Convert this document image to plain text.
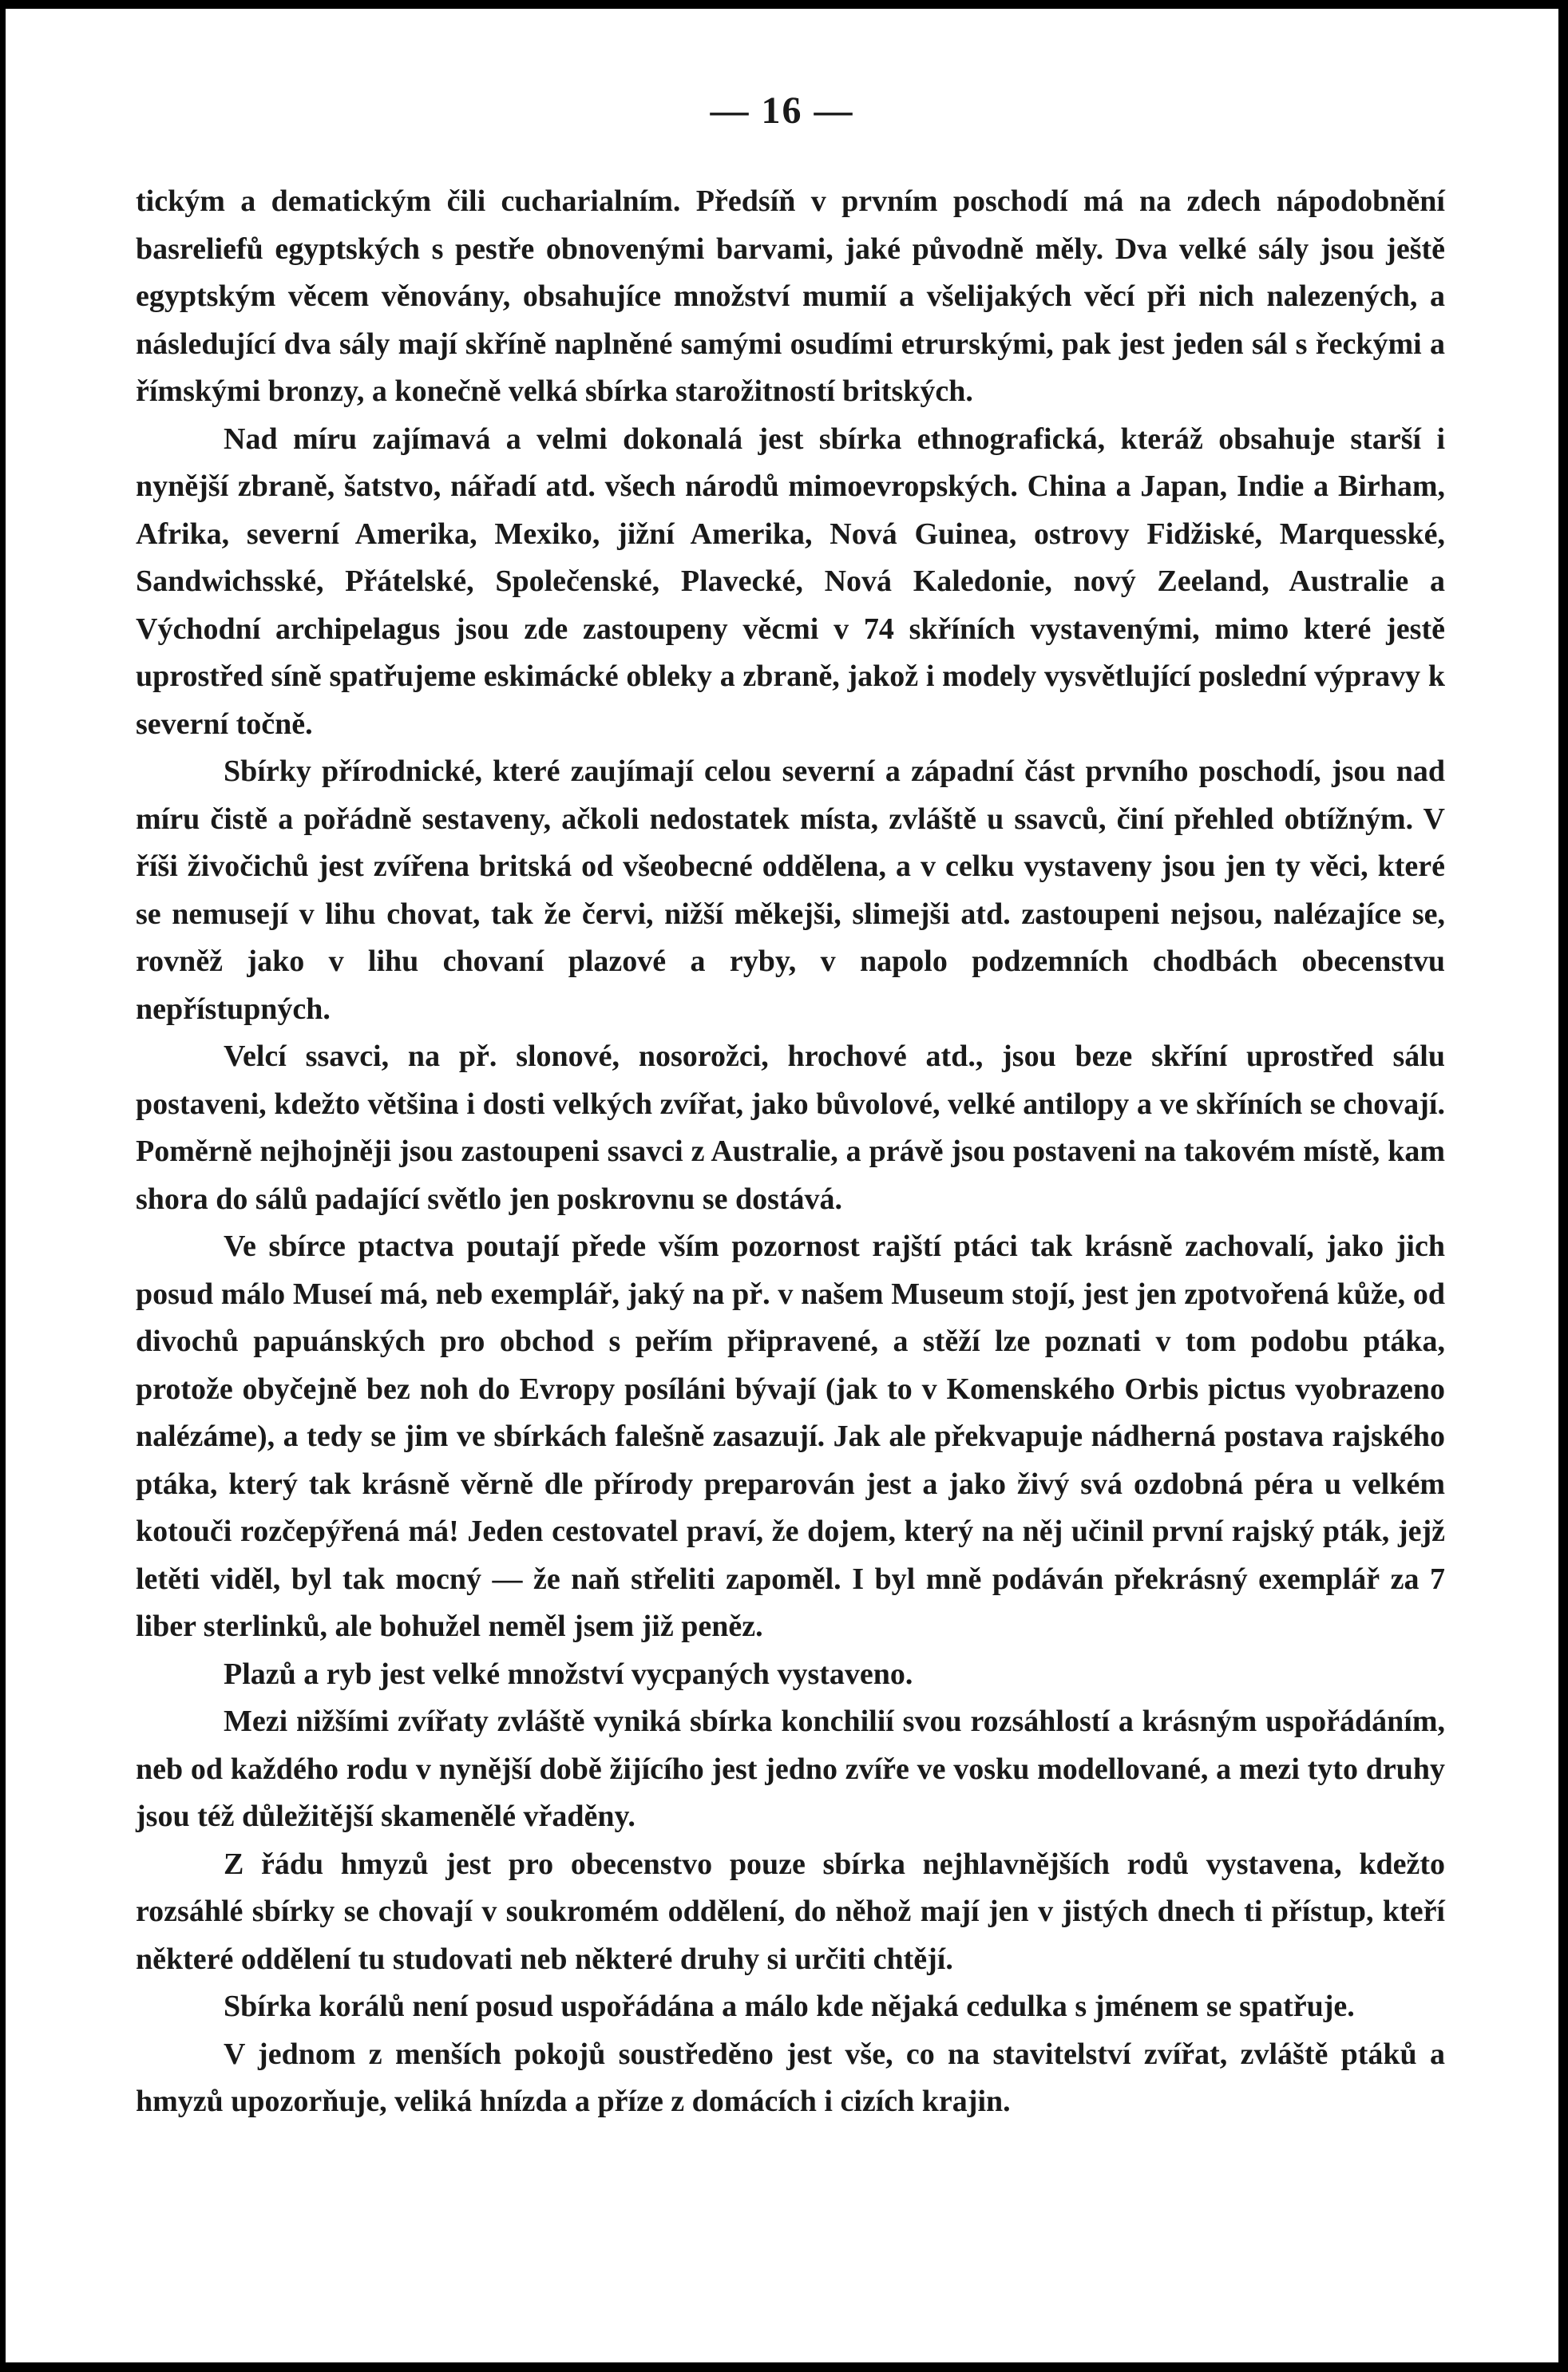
— 16 —

tickým a dematickým čili cucharialním. Předsíň v prvním poschodí má na zdech nápodobnění basreliefů egyptských s pestře obnovenými barvami, jaké původně měly. Dva velké sály jsou ještě egyptským věcem věnovány, obsahujíce množství mumií a všelijakých věcí při nich nalezených, a následující dva sály mají skříně naplněné samými osudími etrurskými, pak jest jeden sál s řeckými a římskými bronzy, a konečně velká sbírka starožitností britských.

Nad míru zajímavá a velmi dokonalá jest sbírka ethnografická, kteráž obsahuje starší i nynější zbraně, šatstvo, nářadí atd. všech národů mimoevropských. China a Japan, Indie a Birham, Afrika, severní Amerika, Mexiko, jižní Amerika, Nová Guinea, ostrovy Fidžiské, Marquesské, Sandwichsské, Přátelské, Společenské, Plavecké, Nová Kaledonie, nový Zeeland, Australie a Východní archipelagus jsou zde zastoupeny věcmi v 74 skříních vystavenými, mimo které jestě uprostřed síně spatřujeme eskimácké obleky a zbraně, jakož i modely vysvětlující poslední výpravy k severní točně.

Sbírky přírodnické, které zaujímají celou severní a západní část prvního poschodí, jsou nad míru čistě a pořádně sestaveny, ačkoli nedostatek místa, zvláště u ssavců, činí přehled obtížným. V říši živočichů jest zvířena britská od všeobecné oddělena, a v celku vystaveny jsou jen ty věci, které se nemusejí v lihu chovat, tak že červi, nižší měkejši, slimejši atd. zastoupeni nejsou, nalézajíce se, rovněž jako v lihu chovaní plazové a ryby, v napolo podzemních chodbách obecenstvu nepřístupných.

Velcí ssavci, na př. slonové, nosorožci, hrochové atd., jsou beze skříní uprostřed sálu postaveni, kdežto většina i dosti velkých zvířat, jako bůvolové, velké antilopy a ve skříních se chovají. Poměrně nejhojněji jsou zastoupeni ssavci z Australie, a právě jsou postaveni na takovém místě, kam shora do sálů padající světlo jen poskrovnu se dostává.

Ve sbírce ptactva poutají přede vším pozornost rajští ptáci tak krásně zachovalí, jako jich posud málo Museí má, neb exemplář, jaký na př. v našem Museum stojí, jest jen zpotvořená kůže, od divochů papuánských pro obchod s peřím připravené, a stěží lze poznati v tom podobu ptáka, protože obyčejně bez noh do Evropy posíláni bývají (jak to v Komenského Orbis pictus vyobrazeno nalézáme), a tedy se jim ve sbírkách falešně zasazují. Jak ale překvapuje nádherná postava rajského ptáka, který tak krásně věrně dle přírody preparován jest a jako živý svá ozdobná péra u velkém kotouči rozčepýřená má! Jeden cestovatel praví, že dojem, který na něj učinil první rajský pták, jejž letěti viděl, byl tak mocný — že naň střeliti zapoměl. I byl mně podáván překrásný exemplář za 7 liber sterlinků, ale bohužel neměl jsem již peněz.

Plazů a ryb jest velké množství vycpaných vystaveno.

Mezi nižšími zvířaty zvláště vyniká sbírka konchilií svou rozsáhlostí a krásným uspořádáním, neb od každého rodu v nynější době žijícího jest jedno zvíře ve vosku modellované, a mezi tyto druhy jsou též důležitější skamenělé vřaděny.

Z řádu hmyzů jest pro obecenstvo pouze sbírka nejhlavnějších rodů vystavena, kdežto rozsáhlé sbírky se chovají v soukromém oddělení, do něhož mají jen v jistých dnech ti přístup, kteří některé oddělení tu studovati neb některé druhy si určiti chtějí.

Sbírka korálů není posud uspořádána a málo kde nějaká cedulka s jménem se spatřuje.

V jednom z menších pokojů soustředěno jest vše, co na stavitelství zvířat, zvláště ptáků a hmyzů upozorňuje, veliká hnízda a příze z domácích i cizích krajin.
